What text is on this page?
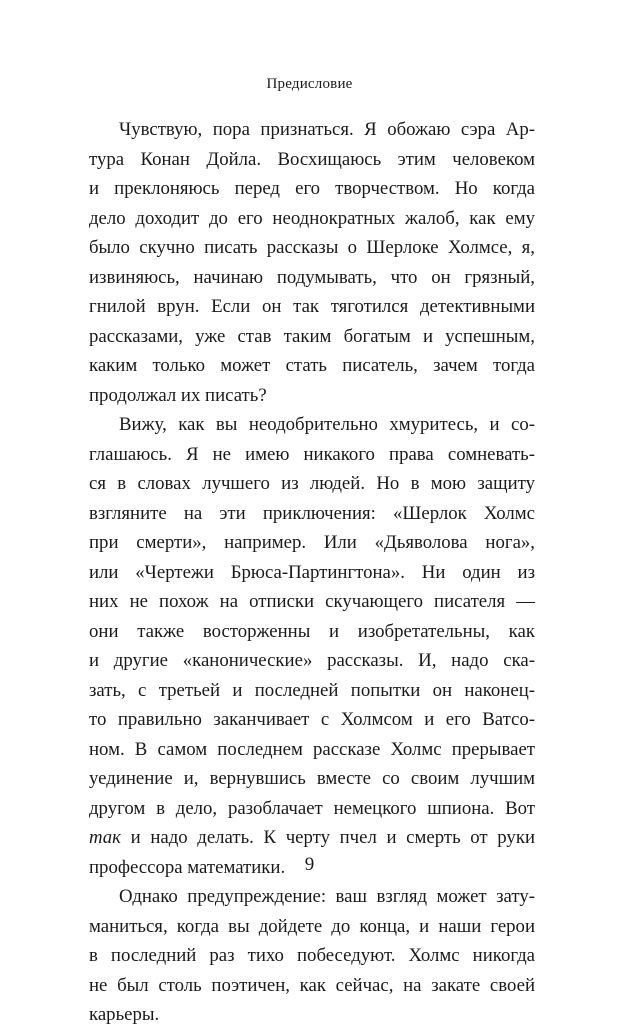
Предисловие
Чувствую, пора признаться. Я обожаю сэра Ар-
тура Конан Дойла. Восхищаюсь этим человеком
и преклоняюсь перед его творчеством. Но когда
дело доходит до его неоднократных жалоб, как ему
было скучно писать рассказы о Шерлоке Холмсе, я,
извиняюсь, начинаю подумывать, что он грязный,
гнилой врун. Если он так тяготился детективными
рассказами, уже став таким богатым и успешным,
каким только может стать писатель, зачем тогда
продолжал их писать?
Вижу, как вы неодобрительно хмуритесь, и со-
глашаюсь. Я не имею никакого права сомневать-
ся в словах лучшего из людей. Но в мою защиту
взгляните на эти приключения: «Шерлок Холмс
при смерти», например. Или «Дьяволова нога»,
или «Чертежи Брюса-Партингтона». Ни один из
них не похож на отписки скучающего писателя —
они также восторженны и изобретательны, как
и другие «канонические» рассказы. И, надо ска-
зать, с третьей и последней попытки он наконец-
то правильно заканчивает с Холмсом и его Ватсо-
ном. В самом последнем рассказе Холмс прерывает
уединение и, вернувшись вместе со своим лучшим
другом в дело, разоблачает немецкого шпиона. Вот
так и надо делать. К черту пчел и смерть от руки
профессора математики.
Однако предупреждение: ваш взгляд может зату-
маниться, когда вы дойдете до конца, и наши герои
в последний раз тихо побеседуют. Холмс никогда
не был столь поэтичен, как сейчас, на закате своей
карьеры.
9
